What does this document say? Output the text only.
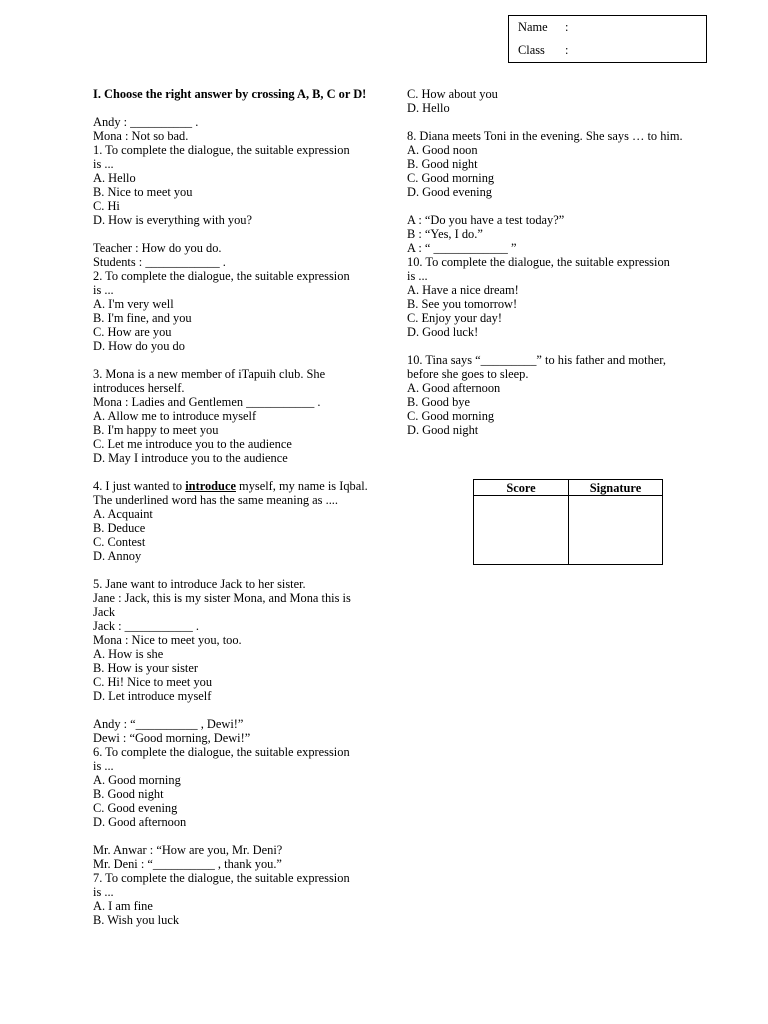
Name :
Class :
I. Choose the right answer by crossing A, B, C or D!
Andy : __________ .
Mona : Not so bad.
1. To complete the dialogue, the suitable expression
is ...
A. Hello
B. Nice to meet you
C. Hi
D. How is everything with you?
Teacher : How do you do.
Students : ____________ .
2. To complete the dialogue, the suitable expression
is ...
A. I'm very well
B. I'm fine, and you
C. How are you
D. How do you do
3. Mona is a new member of iTapuih club. She
introduces herself.
Mona : Ladies and Gentlemen ___________ .
A. Allow me to introduce myself
B. I'm happy to meet you
C. Let me introduce you to the audience
D. May I introduce you to the audience
4. I just wanted to introduce myself, my name is Iqbal.
The underlined word has the same meaning as ....
A. Acquaint
B. Deduce
C. Contest
D. Annoy
5. Jane want to introduce Jack to her sister.
Jane : Jack, this is my sister Mona, and Mona this is
Jack
Jack : ___________ .
Mona : Nice to meet you, too.
A. How is she
B. How is your sister
C. Hi! Nice to meet you
D. Let introduce myself
Andy : “__________ , Dewi!”
Dewi : “Good morning, Dewi!”
6. To complete the dialogue, the suitable expression
is ...
A. Good morning
B. Good night
C. Good evening
D. Good afternoon
Mr. Anwar : “How are you, Mr. Deni?
Mr. Deni : “__________ , thank you.”
7. To complete the dialogue, the suitable expression
is ...
A. I am fine
B. Wish you luck
C. How about you
D. Hello
8. Diana meets Toni in the evening. She says … to him.
A. Good noon
B. Good night
C. Good morning
D. Good evening
A : “Do you have a test today?”
B : “Yes, I do.”
A : “ ____________ ”
10. To complete the dialogue, the suitable expression
is ...
A. Have a nice dream!
B. See you tomorrow!
C. Enjoy your day!
D. Good luck!
10. Tina says “_________” to his father and mother,
before she goes to sleep.
A. Good afternoon
B. Good bye
C. Good morning
D. Good night
Score	Signature
